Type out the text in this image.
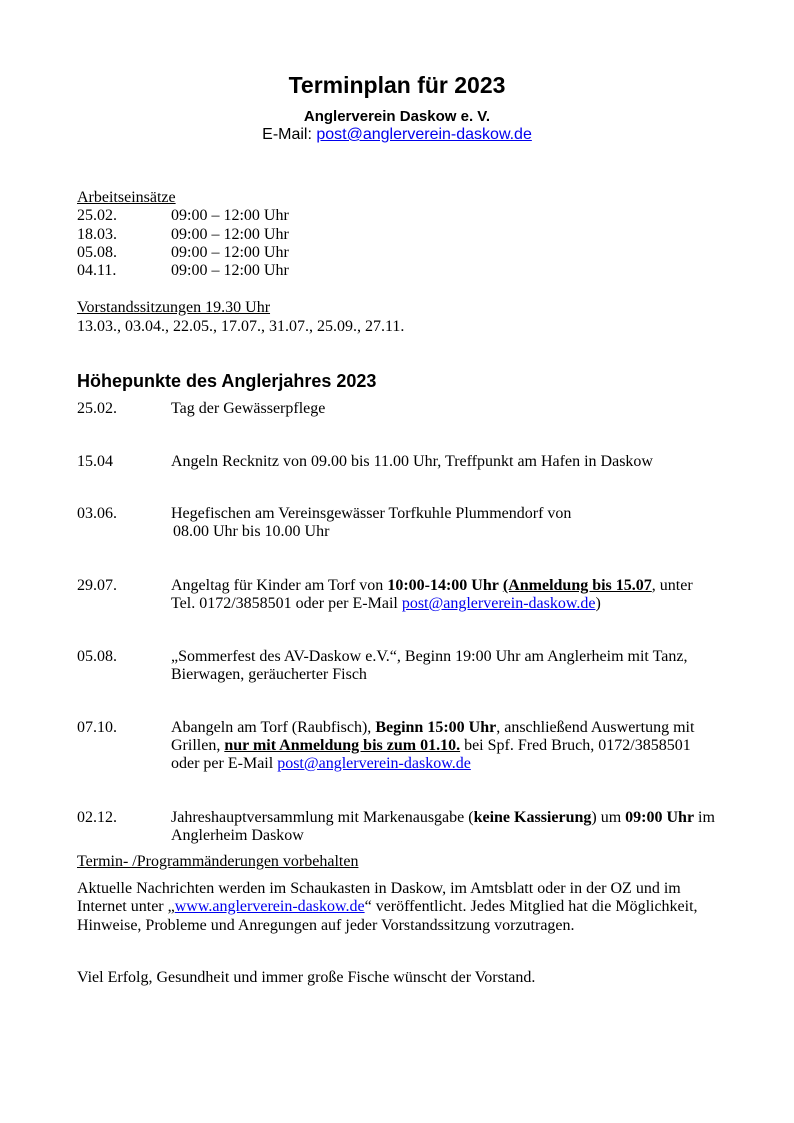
Terminplan für 2023
Anglerverein Daskow e. V.
E-Mail: post@anglerverein-daskow.de
Arbeitseinsätze
25.02.	09:00 – 12:00 Uhr
18.03.	09:00 – 12:00 Uhr
05.08.	09:00 – 12:00 Uhr
04.11.	09:00 – 12:00 Uhr
Vorstandssitzungen 19.30 Uhr
13.03., 03.04., 22.05., 17.07., 31.07., 25.09., 27.11.
Höhepunkte des Anglerjahres 2023
25.02.	Tag der Gewässerpflege
15.04	Angeln Recknitz von 09.00 bis 11.00 Uhr, Treffpunkt am Hafen in Daskow
03.06.	Hegefischen am Vereinsgewässer Torfkuhle Plummendorf von
08.00 Uhr bis 10.00 Uhr
29.07.	Angeltag für Kinder am Torf von 10:00-14:00 Uhr (Anmeldung bis 15.07, unter
Tel. 0172/3858501 oder per E-Mail post@anglerverein-daskow.de)
05.08.	„Sommerfest des AV-Daskow e.V.“, Beginn 19:00 Uhr am Anglerheim mit Tanz,
Bierwagen, geräucherter Fisch
07.10.	Abangeln am Torf (Raubfisch), Beginn 15:00 Uhr, anschließend Auswertung mit
Grillen, nur mit Anmeldung bis zum 01.10. bei Spf. Fred Bruch, 0172/3858501
oder per E-Mail post@anglerverein-daskow.de
02.12.	Jahreshauptversammlung mit Markenausgabe (keine Kassierung) um 09:00 Uhr im
Anglerheim Daskow
Termin- /Programmänderungen vorbehalten
Aktuelle Nachrichten werden im Schaukasten in Daskow, im Amtsblatt oder in der OZ und im
Internet unter „www.anglerverein-daskow.de“ veröffentlicht. Jedes Mitglied hat die Möglichkeit,
Hinweise, Probleme und Anregungen auf jeder Vorstandssitzung vorzutragen.
Viel Erfolg, Gesundheit und immer große Fische wünscht der Vorstand.
